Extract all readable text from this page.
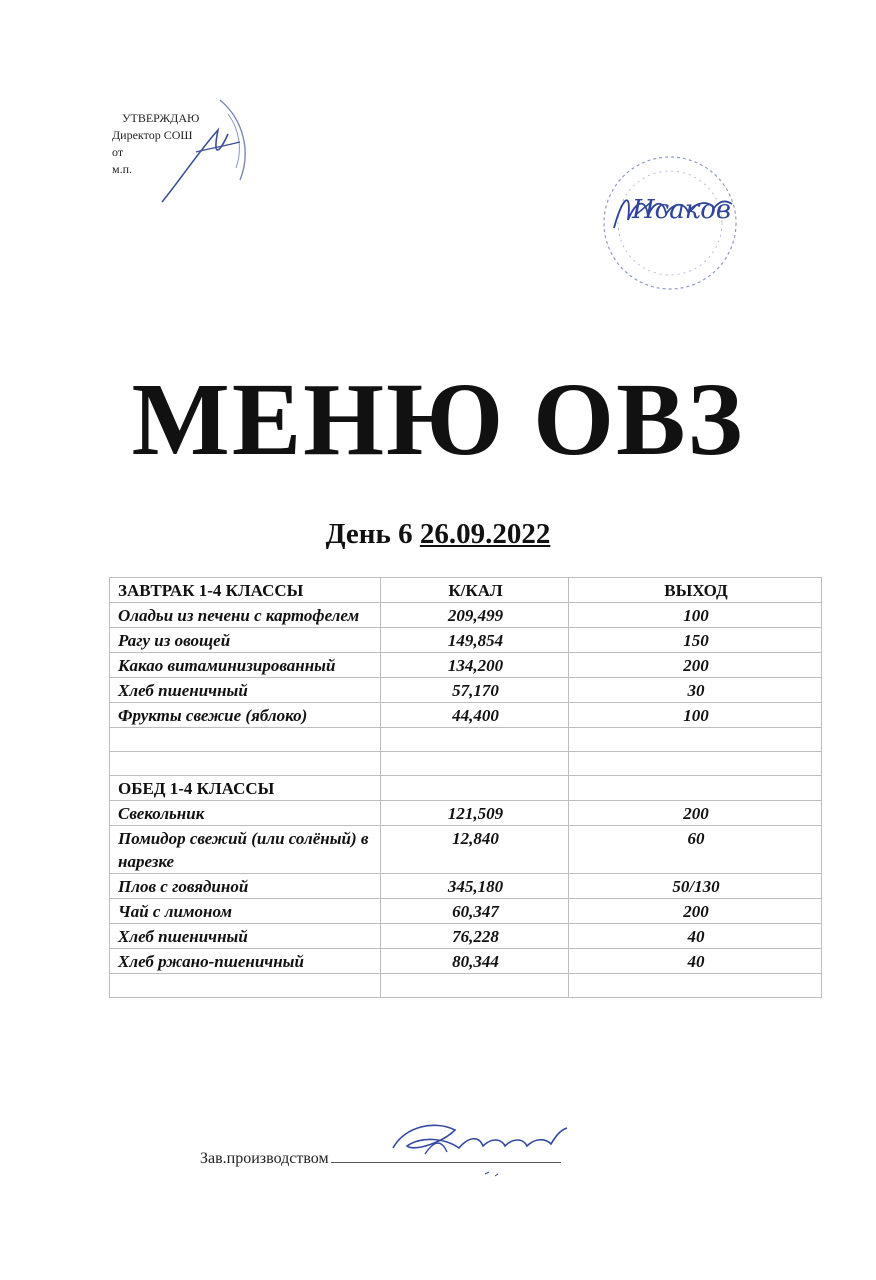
УТВЕРЖДАЮ
Директор СОШ
от
м.п.
Исаков
МЕНЮ ОВЗ
День 6 26.09.2022
ЗАВТРАК 1-4 КЛАССЫ	К/КАЛ	ВЫХОД
Оладьи из печени с картофелем	209,499	100
Рагу из овощей	149,854	150
Какао витаминизированный	134,200	200
Хлеб пшеничный	57,170	30
Фрукты свежие (яблоко)	44,400	100

ОБЕД 1-4 КЛАССЫ		
Свекольник	121,509	200
Помидор свежий (или солёный) в нарезке	12,840	60
Плов с говядиной	345,180	50/130
Чай с лимоном	60,347	200
Хлеб пшеничный	76,228	40
Хлеб ржано-пшеничный	80,344	40

Зав.производством
